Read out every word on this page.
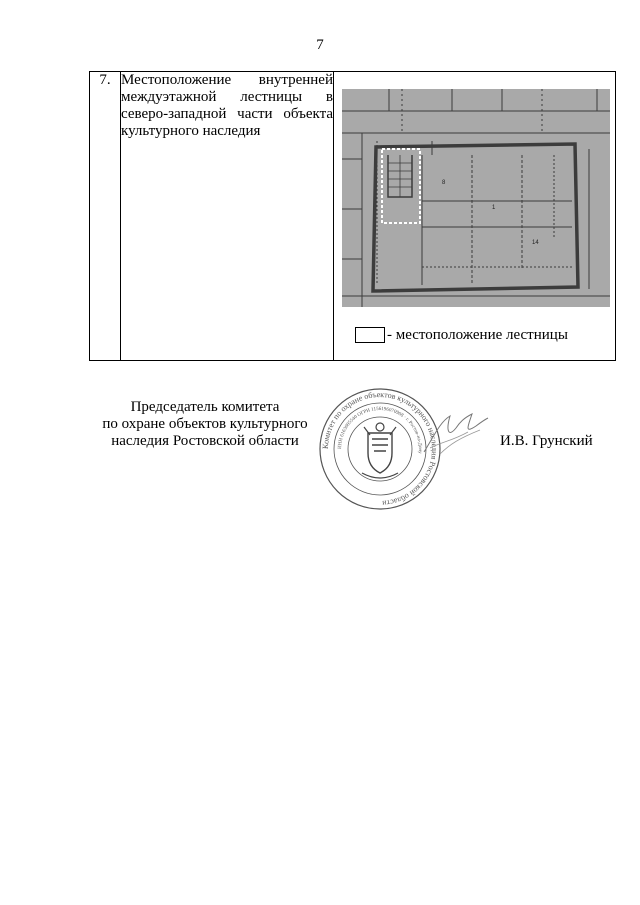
7
7.	Местоположение внутренней междуэтажной лестницы в северо-западной части объекта культурного наследия

8
1
14
- местоположение лестницы
Председатель комитета
по охране объектов культурного
наследия Ростовской области	Комитет по охране объектов культурного наследия Ростовской области
ИНН 6163005540 ОГРН 1156196070908 · г. Ростов-на-Дону
И.В. Грунский
